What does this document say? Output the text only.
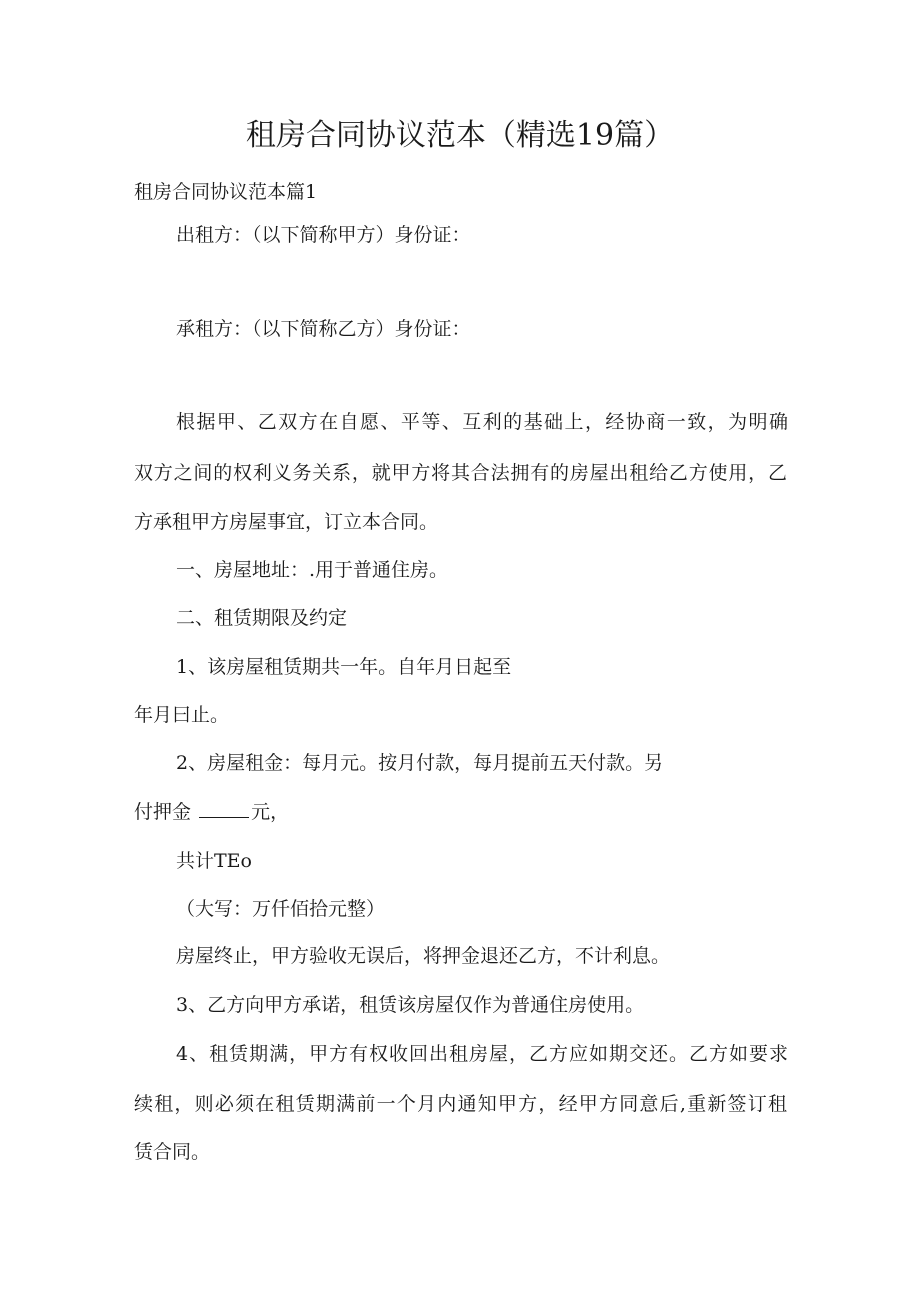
租房合同协议范本（精选19篇）
租房合同协议范本篇1
出租方：（以下简称甲方）身份证：
承租方：（以下简称乙方）身份证：
根据甲、乙双方在自愿、平等、互利的基础上，经协商一致，为明确
双方之间的权利义务关系，就甲方将其合法拥有的房屋出租给乙方使用，乙
方承租甲方房屋事宜，订立本合同。
一、房屋地址：.用于普通住房。
二、租赁期限及约定
1、该房屋租赁期共一年。自年月日起至
年月曰止。
2、房屋租金：每月元。按月付款，每月提前五天付款。另
付押金	元，
共计TEo
（大写：万仟佰拾元整）
房屋终止，甲方验收无误后，将押金退还乙方，不计利息。
3、乙方向甲方承诺，租赁该房屋仅作为普通住房使用。
4、租赁期满，甲方有权收回出租房屋，乙方应如期交还。乙方如要求
续租，则必须在租赁期满前一个月内通知甲方，经甲方同意后,重新签订租
赁合同。
